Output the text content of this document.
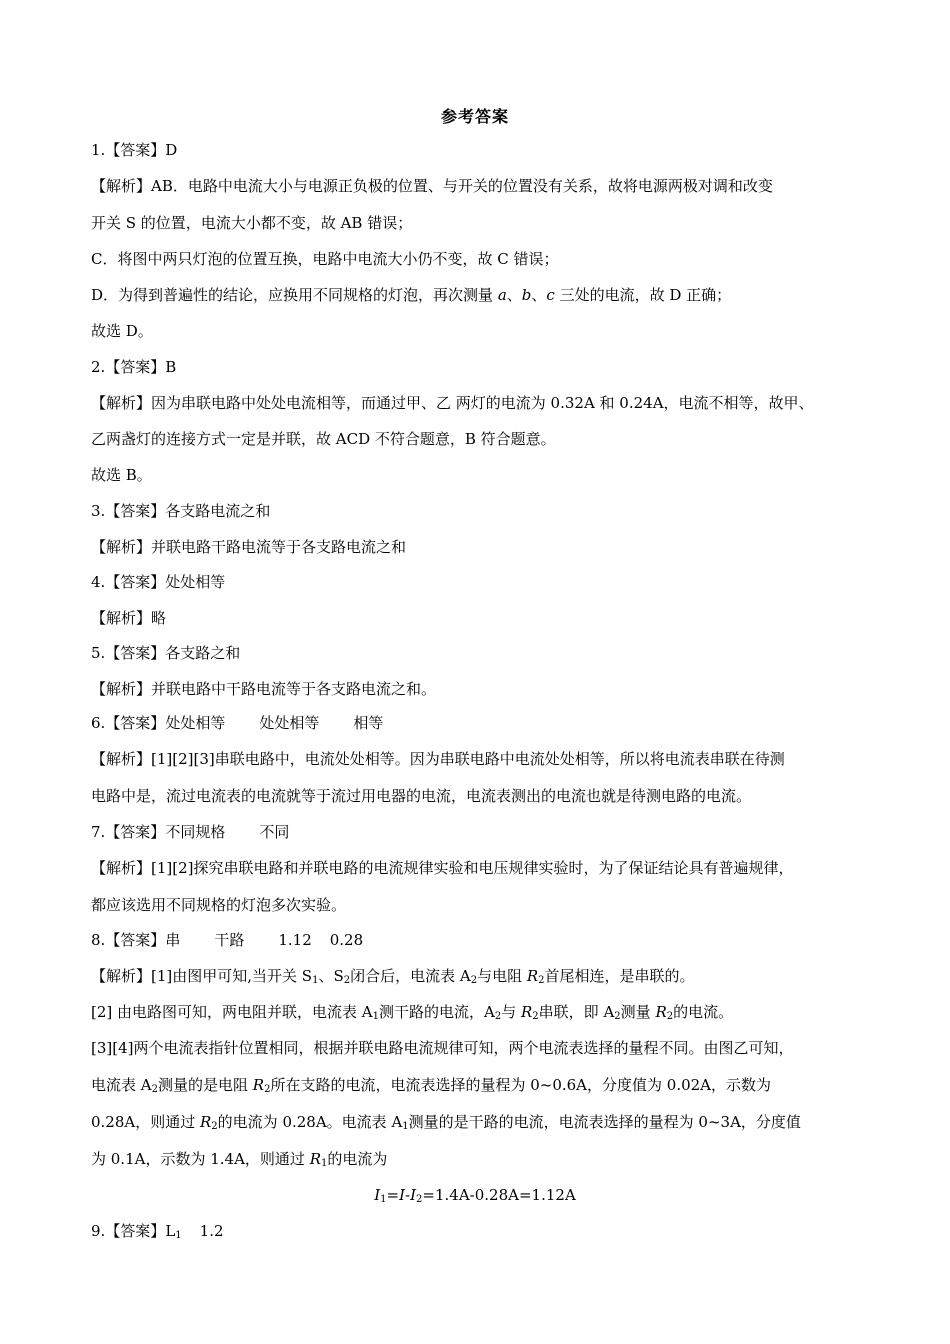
参考答案
1.【答案】D
【解析】AB．电路中电流大小与电源正负极的位置、与开关的位置没有关系，故将电源两极对调和改变
开关 S 的位置，电流大小都不变，故 AB 错误；
C．将图中两只灯泡的位置互换，电路中电流大小仍不变，故 C 错误；
D．为得到普遍性的结论，应换用不同规格的灯泡，再次测量 a、b、c 三处的电流，故 D 正确；
故选 D。
2.【答案】B
【解析】因为串联电路中处处电流相等，而通过甲、乙 两灯的电流为 0.32A 和 0.24A，电流不相等，故甲、
乙两盏灯的连接方式一定是并联，故 ACD 不符合题意，B 符合题意。
故选 B。
3.【答案】各支路电流之和
【解析】并联电路干路电流等于各支路电流之和
4.【答案】处处相等
【解析】略
5.【答案】各支路之和
【解析】并联电路中干路电流等于各支路电流之和。
6.【答案】处处相等 处处相等 相等
【解析】[1][2][3]串联电路中，电流处处相等。因为串联电路中电流处处相等，所以将电流表串联在待测
电路中是，流过电流表的电流就等于流过用电器的电流，电流表测出的电流也就是待测电路的电流。
7.【答案】不同规格 不同
【解析】[1][2]探究串联电路和并联电路的电流规律实验和电压规律实验时，为了保证结论具有普遍规律，
都应该选用不同规格的灯泡多次实验。
8.【答案】串 干路 1.12 0.28
【解析】[1]由图甲可知,当开关 $S_1$、$S_2$闭合后，电流表 $A_2$与电阻 $R_2$首尾相连，是串联的。
[2] 由电路图可知，两电阻并联，电流表 $A_1$测干路的电流，$A_2$与 $R_2$串联，即 $A_2$测量 $R_2$的电流。
[3][4]两个电流表指针位置相同，根据并联电路电流规律可知，两个电流表选择的量程不同。由图乙可知，
电流表 $A_2$测量的是电阻 $R_2$所在支路的电流，电流表选择的量程为 0~0.6A，分度值为 0.02A，示数为
0.28A，则通过 $R_2$的电流为 0.28A。电流表 $A_1$测量的是干路的电流，电流表选择的量程为 0~3A，分度值
为 0.1A，示数为 1.4A，则通过 $R_1$的电流为
$I_1=I-I_2=1.4A-0.28A=1.12A$
9.【答案】$L_1$ 1.2
